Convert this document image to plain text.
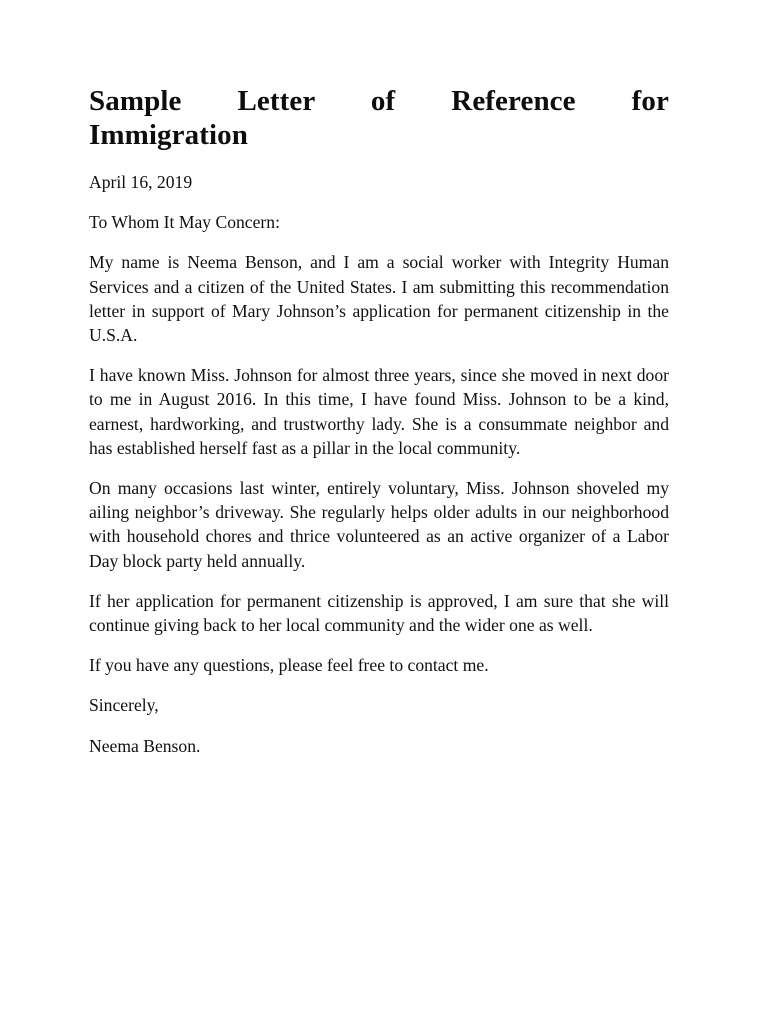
Sample Letter of Reference for
Immigration

April 16, 2019

To Whom It May Concern:

My name is Neema Benson, and I am a social worker with Integrity Human Services and a citizen of the United States. I am submitting this recommendation letter in support of Mary Johnson’s application for permanent citizenship in the U.S.A.

I have known Miss. Johnson for almost three years, since she moved in next door to me in August 2016. In this time, I have found Miss. Johnson to be a kind, earnest, hardworking, and trustworthy lady. She is a consummate neighbor and has established herself fast as a pillar in the local community.

On many occasions last winter, entirely voluntary, Miss. Johnson shoveled my ailing neighbor’s driveway. She regularly helps older adults in our neighborhood with household chores and thrice volunteered as an active organizer of a Labor Day block party held annually.

If her application for permanent citizenship is approved, I am sure that she will continue giving back to her local community and the wider one as well.

If you have any questions, please feel free to contact me.

Sincerely,

Neema Benson.
